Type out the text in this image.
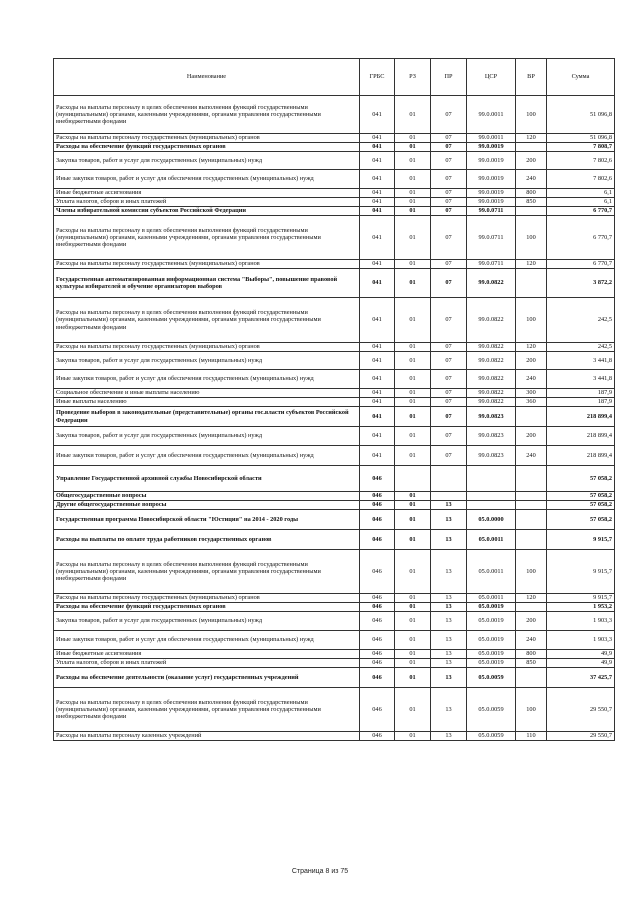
Наименование	ГРБС	РЗ	ПР	ЦСР	ВР	Сумма
Расходы на выплаты персоналу в целях обеспечения выполнения функций государственными (муниципальными) органами, казенными учреждениями, органами управления государственными внебюджетными фондами	041	01	07	99.0.0011	100	51 096,8
Расходы на выплаты персоналу государственных (муниципальных) органов	041	01	07	99.0.0011	120	51 096,8
Расходы на обеспечение функций государственных органов	041	01	07	99.0.0019		7 808,7
Закупка товаров, работ и услуг для государственных (муниципальных) нужд	041	01	07	99.0.0019	200	7 802,6
Иные закупки товаров, работ и услуг для обеспечения государственных (муниципальных) нужд	041	01	07	99.0.0019	240	7 802,6
Иные бюджетные ассигнования	041	01	07	99.0.0019	800	6,1
Уплата налогов, сборов и иных платежей	041	01	07	99.0.0019	850	6,1
Члены избирательной комиссии субъектов Российской Федерации	041	01	07	99.0.0711		6 770,7
Расходы на выплаты персоналу в целях обеспечения выполнения функций государственными (муниципальными) органами, казенными учреждениями, органами управления государственными внебюджетными фондами	041	01	07	99.0.0711	100	6 770,7
Расходы на выплаты персоналу государственных (муниципальных) органов	041	01	07	99.0.0711	120	6 770,7
Государственная автоматизированная информационная система "Выборы", повышение правовой культуры избирателей и обучение организаторов выборов	041	01	07	99.0.0822		3 872,2
Расходы на выплаты персоналу в целях обеспечения выполнения функций государственными (муниципальными) органами, казенными учреждениями, органами управления государственными внебюджетными фондами	041	01	07	99.0.0822	100	242,5
Расходы на выплаты персоналу государственных (муниципальных) органов	041	01	07	99.0.0822	120	242,5
Закупка товаров, работ и услуг для государственных (муниципальных) нужд	041	01	07	99.0.0822	200	3 441,8
Иные закупки товаров, работ и услуг для обеспечения государственных (муниципальных) нужд	041	01	07	99.0.0822	240	3 441,8
Социальное обеспечение и иные выплаты населению	041	01	07	99.0.0822	300	187,9
Иные выплаты населению	041	01	07	99.0.0822	360	187,9
Проведение выборов в законодательные (представительные) органы гос.власти субъектов Российской Федерации	041	01	07	99.0.0823		218 899,4
Закупка товаров, работ и услуг для государственных (муниципальных) нужд	041	01	07	99.0.0823	200	218 899,4
Иные закупки товаров, работ и услуг для обеспечения государственных (муниципальных) нужд	041	01	07	99.0.0823	240	218 899,4
Управление Государственной архивной службы Новосибирской области	046					57 058,2
Общегосударственные вопросы	046	01				57 058,2
Другие общегосударственные вопросы	046	01	13			57 058,2
Государственная программа Новосибирской области "Юстиция" на 2014 - 2020 годы	046	01	13	05.0.0000		57 058,2
Расходы на выплаты по оплате труда работников государственных органов	046	01	13	05.0.0011		9 915,7
Расходы на выплаты персоналу в целях обеспечения выполнения функций государственными (муниципальными) органами, казенными учреждениями, органами управления государственными внебюджетными фондами	046	01	13	05.0.0011	100	9 915,7
Расходы на выплаты персоналу государственных (муниципальных) органов	046	01	13	05.0.0011	120	9 915,7
Расходы на обеспечение функций государственных органов	046	01	13	05.0.0019		1 953,2
Закупка товаров, работ и услуг для государственных (муниципальных) нужд	046	01	13	05.0.0019	200	1 903,3
Иные закупки товаров, работ и услуг для обеспечения государственных (муниципальных) нужд	046	01	13	05.0.0019	240	1 903,3
Иные бюджетные ассигнования	046	01	13	05.0.0019	800	49,9
Уплата налогов, сборов и иных платежей	046	01	13	05.0.0019	850	49,9
Расходы на обеспечение деятельности (оказание услуг) государственных учреждений	046	01	13	05.0.0059		37 425,7
Расходы на выплаты персоналу в целях обеспечения выполнения функций государственными (муниципальными) органами, казенными учреждениями, органами управления государственными внебюджетными фондами	046	01	13	05.0.0059	100	29 550,7
Расходы на выплаты персоналу казенных учреждений	046	01	13	05.0.0059	110	29 550,7
Страница 8 из 75
